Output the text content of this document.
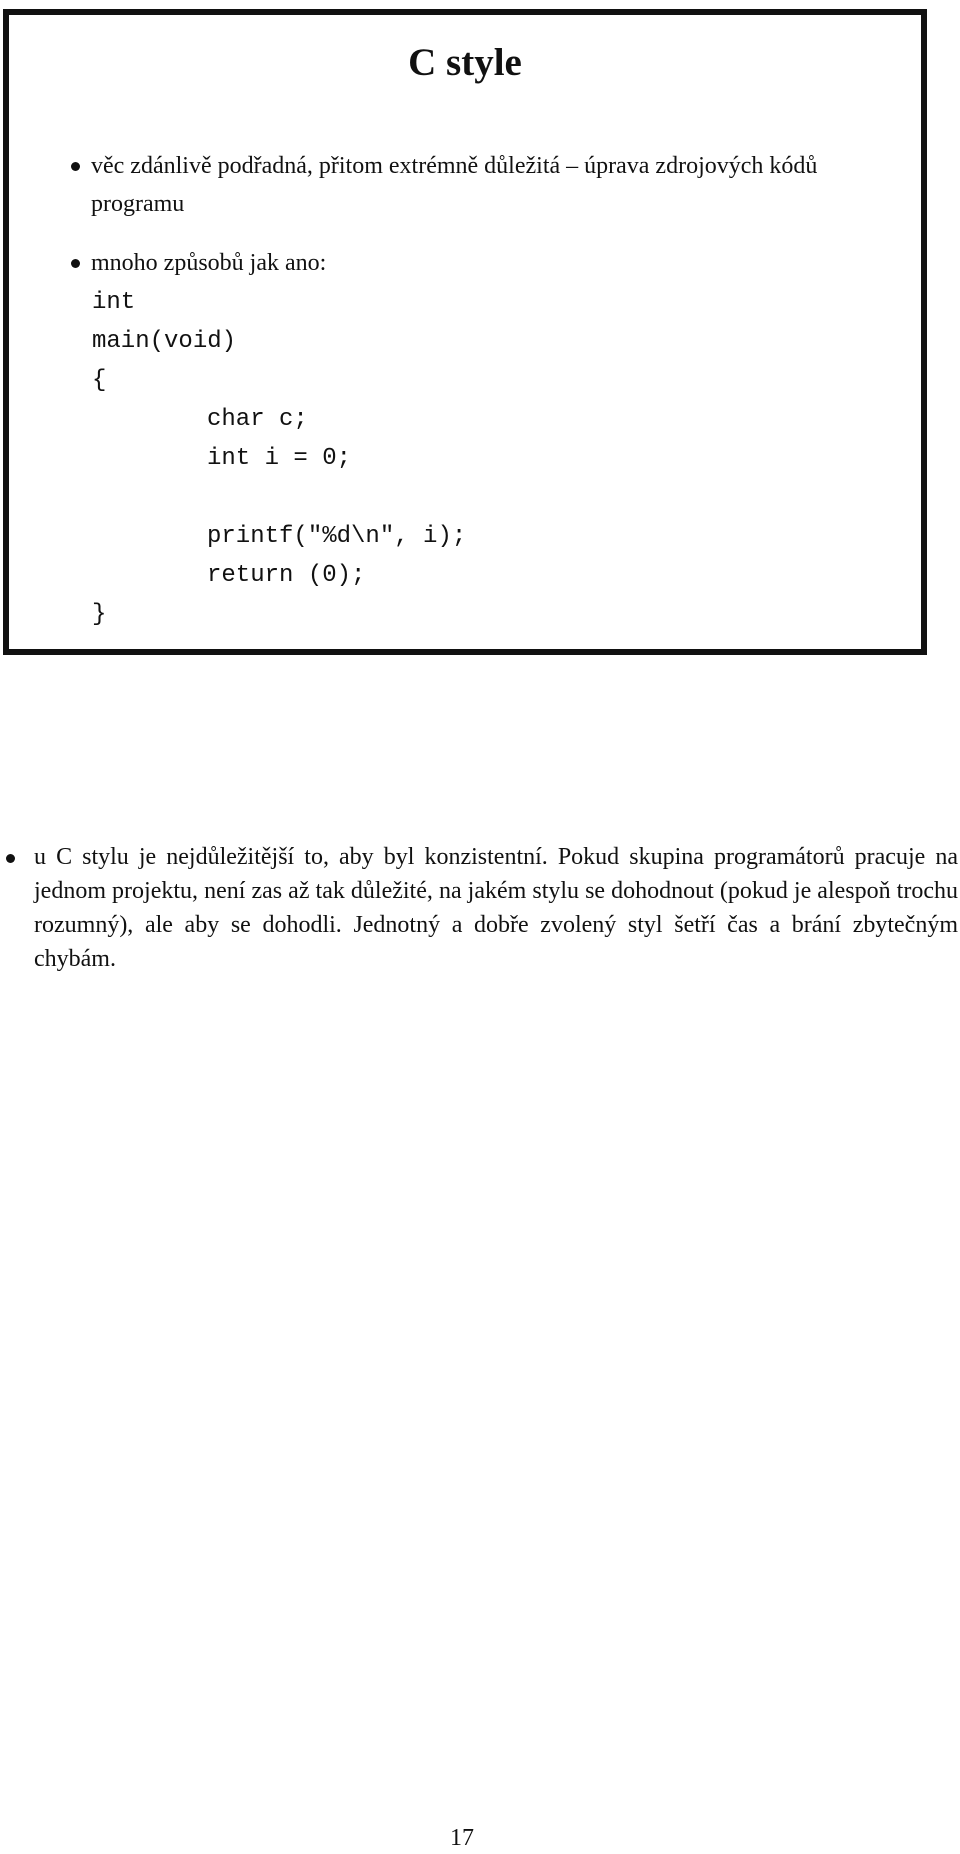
C style
věc zdánlivě podřadná, přitom extrémně důležitá – úprava zdrojových kódů programu
mnoho způsobů jak ano:
int
main(void)
{
char c;
int i = 0;
printf("%d\n", i);
return (0);
}
u C stylu je nejdůležitější to, aby byl konzistentní. Pokud skupina programátorů pracuje na jednom projektu, není zas až tak důležité, na jakém stylu se dohodnout (pokud je alespoň trochu rozumný), ale aby se dohodli. Jednotný a dobře zvolený styl šetří čas a brání zbytečným chybám.
17
